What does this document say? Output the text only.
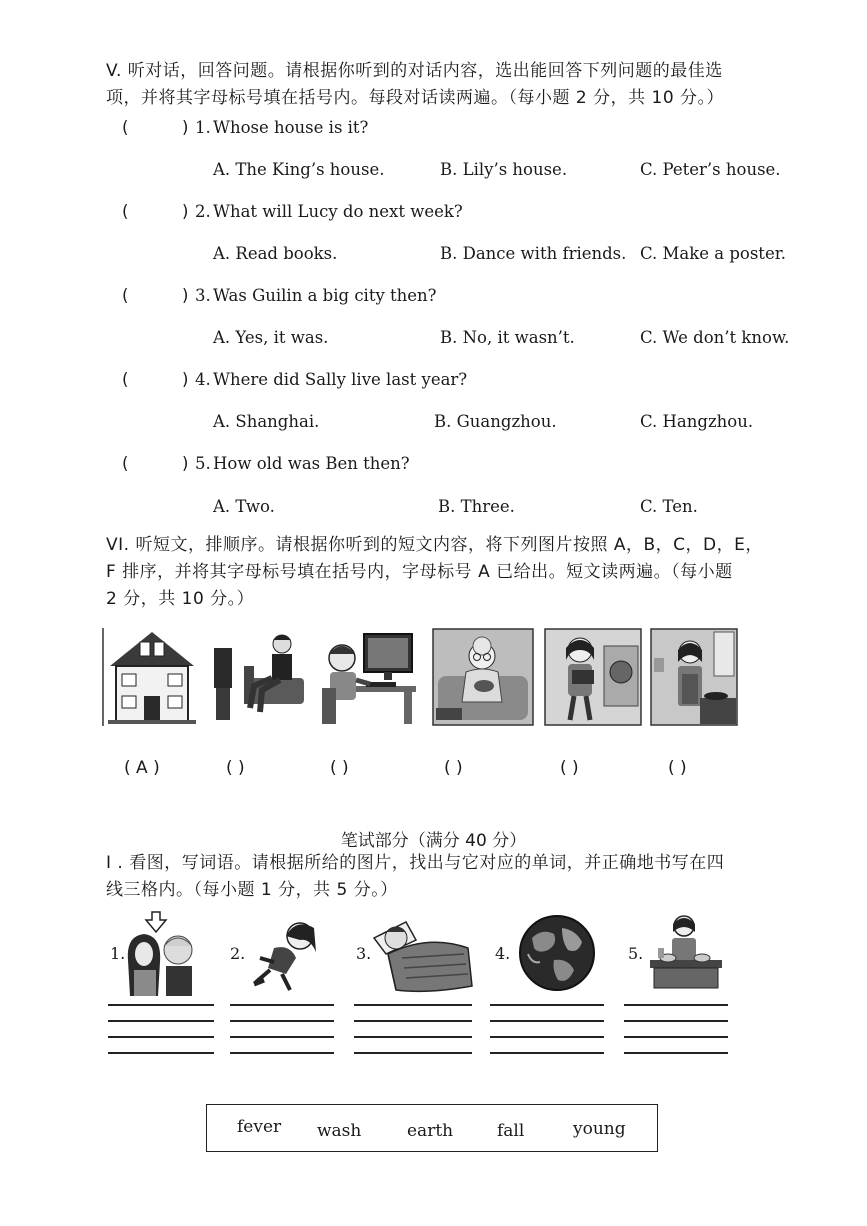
V. 听对话，回答问题。请根据你听到的对话内容，选出能回答下列问题的最佳选
项，并将其字母标号填在括号内。每段对话读两遍。（每小题 2 分，共 10 分。）
(	) 1. Whose house is it?
A. The King’s house.	B. Lily’s house.	C. Peter’s house.
(	) 2. What will Lucy do next week?
A. Read books.	B. Dance with friends. C. Make a poster.
(	) 3. Was Guilin a big city then?
A. Yes, it was.	B. No, it wasn’t.	C. We don’t know.
(	) 4. Where did Sally live last year?
A. Shanghai.	B. Guangzhou.	C. Hangzhou.
(	) 5. How old was Ben then?
A. Two.	B. Three.	C. Ten.
VI. 听短文，排顺序。请根据你听到的短文内容，将下列图片按照 A，B，C，D，E，
F 排序，并将其字母标号填在括号内，字母标号 A 已给出。短文读两遍。（每小题
2 分，共 10 分。）
( A )	( )	( )	( )	( )	( )
笔试部分（满分 40 分）
I . 看图，写词语。请根据所给的图片，找出与它对应的单词，并正确地书写在四
线三格内。（每小题 1 分，共 5 分。）
1.	2.	3.	4.	5.
fever wash	earth	fall	young
